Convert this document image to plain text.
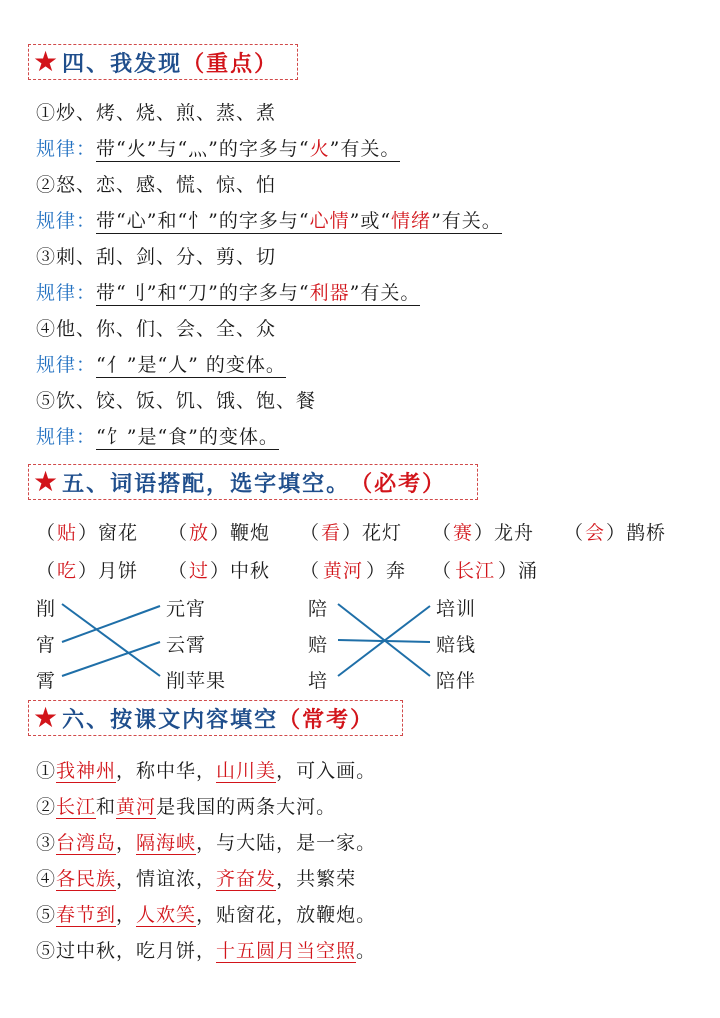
★ 四、我发现 （重点）
①炒、烤、烧、煎、蒸、煮
规律：带“火”与“灬”的字多与“火”有关。
②怒、恋、感、慌、惊、怕
规律：带“心”和“忄”的字多与“心情”或“情绪”有关。
③刺、刮、剑、分、剪、切
规律：带“刂”和“刀”的字多与“利器”有关。
④他、你、们、会、全、众
规律：“亻”是“人” 的变体。
⑤饮、饺、饭、饥、饿、饱、餐
规律：“饣”是“食”的变体。
★ 五、词语搭配，选字填空。 （必考）
（贴）窗花 （放）鞭炮 （看）花灯 （赛）龙舟 （会）鹊桥
（吃）月饼 （过）中秋 （ 黄河 ）奔 （ 长江 ）涌
削
宵
霄
元宵
云霄
削苹果
陪
赔
培
培训
赔钱
陪伴
★ 六、按课文内容填空 （常考）
①我神州，称中华，山川美，可入画。
②长江和黄河是我国的两条大河。
③台湾岛，隔海峡，与大陆，是一家。
④各民族，情谊浓，齐奋发，共繁荣
⑤春节到，人欢笑，贴窗花，放鞭炮。
⑤过中秋，吃月饼，十五圆月当空照。
